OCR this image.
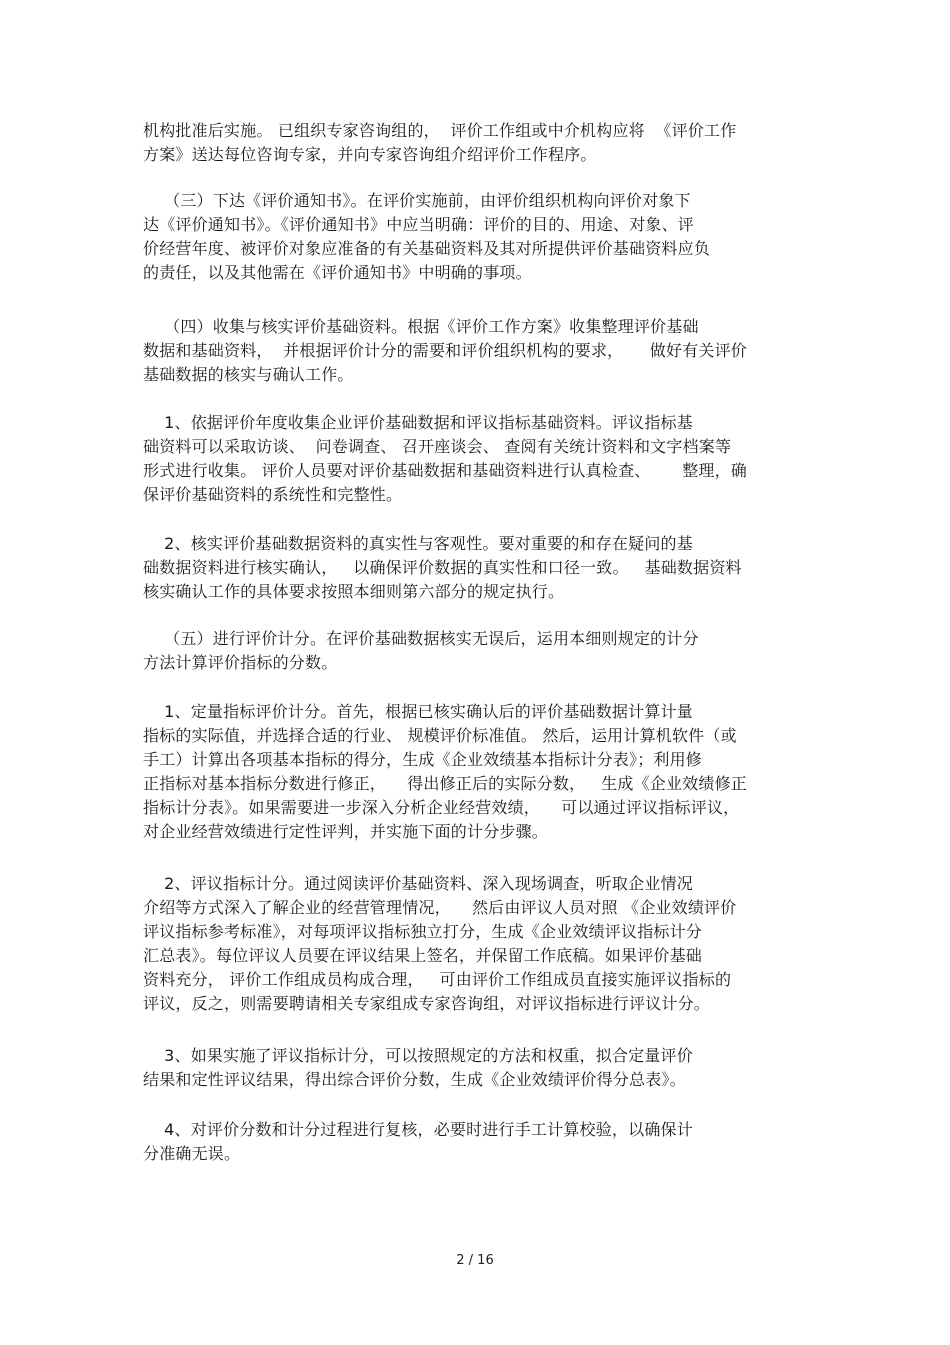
机构批准后实施。 已组织专家咨询组的，  评价工作组或中介机构应将  《评价工作
方案》送达每位咨询专家，并向专家咨询组介绍评价工作程序。
（三）下达《评价通知书》。在评价实施前，由评价组织机构向评价对象下
达《评价通知书》。《评价通知书》中应当明确：评价的目的、用途、对象、评
价经营年度、被评价对象应准备的有关基础资料及其对所提供评价基础资料应负
的责任，以及其他需在《评价通知书》中明确的事项。
（四）收集与核实评价基础资料。根据《评价工作方案》收集整理评价基础
数据和基础资料，  并根据评价计分的需要和评价组织机构的要求，     做好有关评价
基础数据的核实与确认工作。
1、依据评价年度收集企业评价基础数据和评议指标基础资料。评议指标基
础资料可以采取访谈、  问卷调查、 召开座谈会、 查阅有关统计资料和文字档案等
形式进行收集。 评价人员要对评价基础数据和基础资料进行认真检查、      整理，确
保评价基础资料的系统性和完整性。
2、核实评价基础数据资料的真实性与客观性。要对重要的和存在疑问的基
础数据资料进行核实确认，   以确保评价数据的真实性和口径一致。   基础数据资料
核实确认工作的具体要求按照本细则第六部分的规定执行。
（五）进行评价计分。在评价基础数据核实无误后，运用本细则规定的计分
方法计算评价指标的分数。
1、定量指标评价计分。首先，根据已核实确认后的评价基础数据计算计量
指标的实际值，并选择合适的行业、 规模评价标准值。 然后，运用计算机软件（或
手工）计算出各项基本指标的得分，生成《企业效绩基本指标计分表》；利用修
正指标对基本指标分数进行修正，    得出修正后的实际分数，   生成《企业效绩修正
指标计分表》。如果需要进一步深入分析企业经营效绩，    可以通过评议指标评议，
对企业经营效绩进行定性评判，并实施下面的计分步骤。
2、评议指标计分。通过阅读评价基础资料、深入现场调查，听取企业情况
介绍等方式深入了解企业的经营管理情况，    然后由评议人员对照 《企业效绩评价
评议指标参考标准》，对每项评议指标独立打分，生成《企业效绩评议指标计分
汇总表》。每位评议人员要在评议结果上签名，并保留工作底稿。如果评价基础
资料充分， 评价工作组成员构成合理，   可由评价工作组成员直接实施评议指标的
评议，反之，则需要聘请相关专家组成专家咨询组，对评议指标进行评议计分。
3、如果实施了评议指标计分，可以按照规定的方法和权重，拟合定量评价
结果和定性评议结果，得出综合评价分数，生成《企业效绩评价得分总表》。
4、对评价分数和计分过程进行复核，必要时进行手工计算校验，以确保计
分准确无误。
2 / 16
